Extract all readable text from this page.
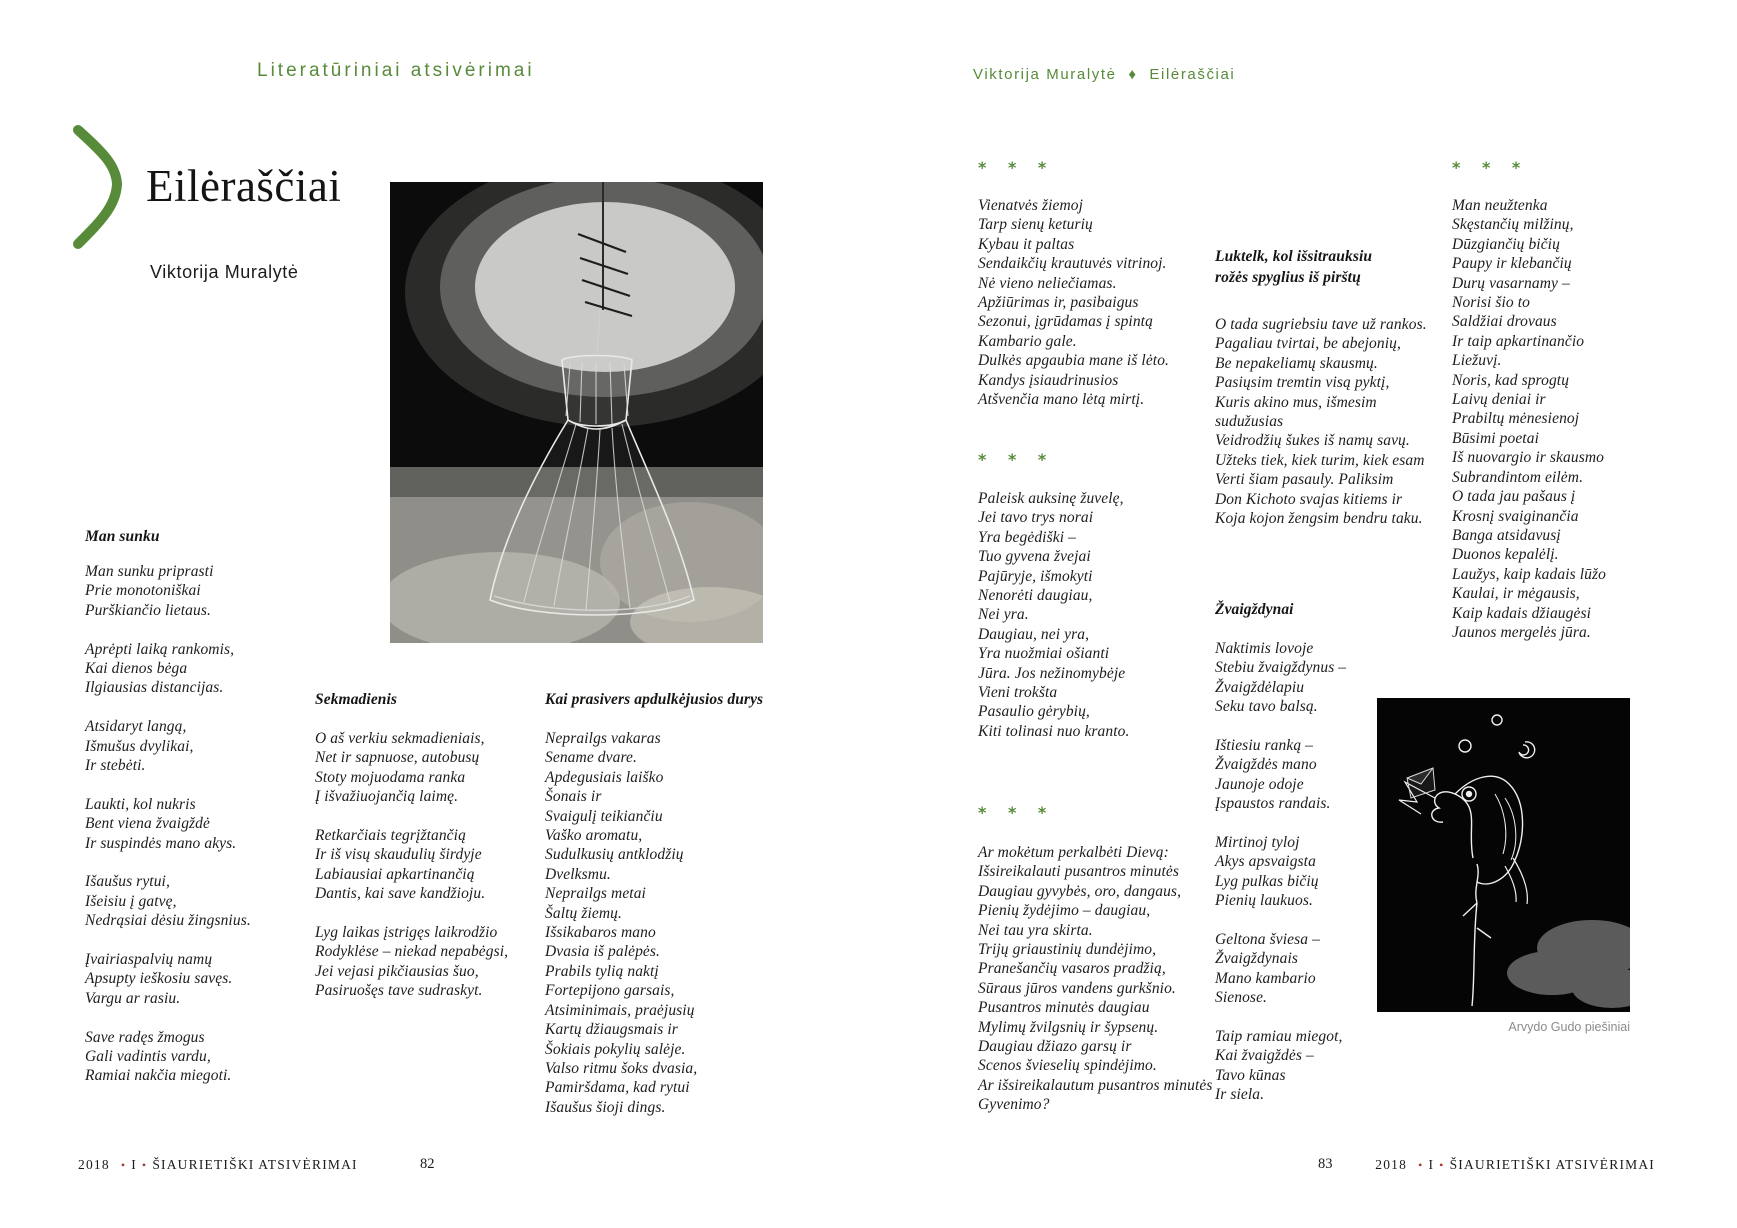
Literatūriniai atsivėrimai
Eilėraščiai
Viktorija Muralytė
Man sunku
Man sunku priprasti
Prie monotoniškai
Purškiančio lietaus.
Aprėpti laiką rankomis,
Kai dienos bėga
Ilgiausias distancijas.
Atsidaryt langą,
Išmušus dvylikai,
Ir stebėti.
Laukti, kol nukris
Bent viena žvaigždė
Ir suspindės mano akys.
Išaušus rytui,
Išeisiu į gatvę,
Nedrąsiai dėsiu žingsnius.
Įvairiaspalvių namų
Apsupty ieškosiu savęs.
Vargu ar rasiu.
Save radęs žmogus
Gali vadintis vardu,
Ramiai nakčia miegoti.
Sekmadienis
O aš verkiu sekmadieniais,
Net ir sapnuose, autobusų
Stoty mojuodama ranka
Į išvažiuojančią laimę.
Retkarčiais tegrįžtančią
Ir iš visų skaudulių širdyje
Labiausiai apkartinančią
Dantis, kai save kandžioju.
Lyg laikas įstrigęs laikrodžio
Rodyklėse – niekad nepabėgsi,
Jei vejasi pikčiausias šuo,
Pasiruošęs tave sudraskyt.
Kai prasivers apdulkėjusios durys
Neprailgs vakaras
Sename dvare.
Apdegusiais laiško
Šonais ir
Svaigulį teikiančiu
Vaško aromatu,
Sudulkusių antklodžių
Dvelksmu.
Neprailgs metai
Šaltų žiemų.
Išsikabaros mano
Dvasia iš palėpės.
Prabils tylią naktį
Fortepijono garsais,
Atsiminimais, praėjusių
Kartų džiaugsmais ir
Šokiais pokylių salėje.
Valso ritmu šoks dvasia,
Pamiršdama, kad rytui
Išaušus šioji dings.
Viktorija Muralytė ♦ Eilėraščiai
* * *
Vienatvės žiemoj
Tarp sienų keturių
Kybau it paltas
Sendaikčių krautuvės vitrinoj.
Nė vieno neliečiamas.
Apžiūrimas ir, pasibaigus
Sezonui, įgrūdamas į spintą
Kambario gale.
Dulkės apgaubia mane iš lėto.
Kandys įsiaudrinusios
Atšvenčia mano lėtą mirtį.
* * *
Paleisk auksinę žuvelę,
Jei tavo trys norai
Yra begėdiški –
Tuo gyvena žvejai
Pajūryje, išmokyti
Nenorėti daugiau,
Nei yra.
Daugiau, nei yra,
Yra nuožmiai ošianti
Jūra. Jos nežinomybėje
Vieni trokšta
Pasaulio gėrybių,
Kiti tolinasi nuo kranto.
* * *
Ar mokėtum perkalbėti Dievą:
Išsireikalauti pusantros minutės
Daugiau gyvybės, oro, dangaus,
Pienių žydėjimo – daugiau,
Nei tau yra skirta.
Trijų griaustinių dundėjimo,
Pranešančių vasaros pradžią,
Sūraus jūros vandens gurkšnio.
Pusantros minutės daugiau
Mylimų žvilgsnių ir šypsenų.
Daugiau džiazo garsų ir
Scenos švieselių spindėjimo.
Ar išsireikalautum pusantros minutės
Gyvenimo?
Luktelk, kol išsitrauksiu
rožės spyglius iš pirštų
O tada sugriebsiu tave už rankos.
Pagaliau tvirtai, be abejonių,
Be nepakeliamų skausmų.
Pasiųsim tremtin visą pyktį,
Kuris akino mus, išmesim sudužusias
Veidrodžių šukes iš namų savų.
Užteks tiek, kiek turim, kiek esam
Verti šiam pasauly. Paliksim
Don Kichoto svajas kitiems ir
Koja kojon žengsim bendru taku.
Žvaigždynai
Naktimis lovoje
Stebiu žvaigždynus –
Žvaigždėlapiu
Seku tavo balsą.
Ištiesiu ranką –
Žvaigždės mano
Jaunoje odoje
Įspaustos randais.
Mirtinoj tyloj
Akys apsvaigsta
Lyg pulkas bičių
Pienių laukuos.
Geltona šviesa –
Žvaigždynais
Mano kambario
Sienose.
Taip ramiau miegot,
Kai žvaigždės –
Tavo kūnas
Ir siela.
* * *
Man neužtenka
Skęstančių milžinų,
Dūzgiančių bičių
Paupy ir klebančių
Durų vasarnamy –
Norisi šio to
Saldžiai drovaus
Ir taip apkartinančio
Liežuvį.
Noris, kad sprogtų
Laivų deniai ir
Prabiltų mėnesienoj
Būsimi poetai
Iš nuovargio ir skausmo
Subrandintom eilėm.
O tada jau pašaus į
Krosnį svaiginančia
Banga atsidavusį
Duonos kepalėlį.
Laužys, kaip kadais lūžo
Kaulai, ir mėgausis,
Kaip kadais džiaugėsi
Jaunos mergelės jūra.
Arvydo Gudo piešiniai
2018 • I • ŠIAURIETIŠKI ATSIVĖRIMAI	82	83	2018 • I • ŠIAURIETIŠKI ATSIVĖRIMAI
